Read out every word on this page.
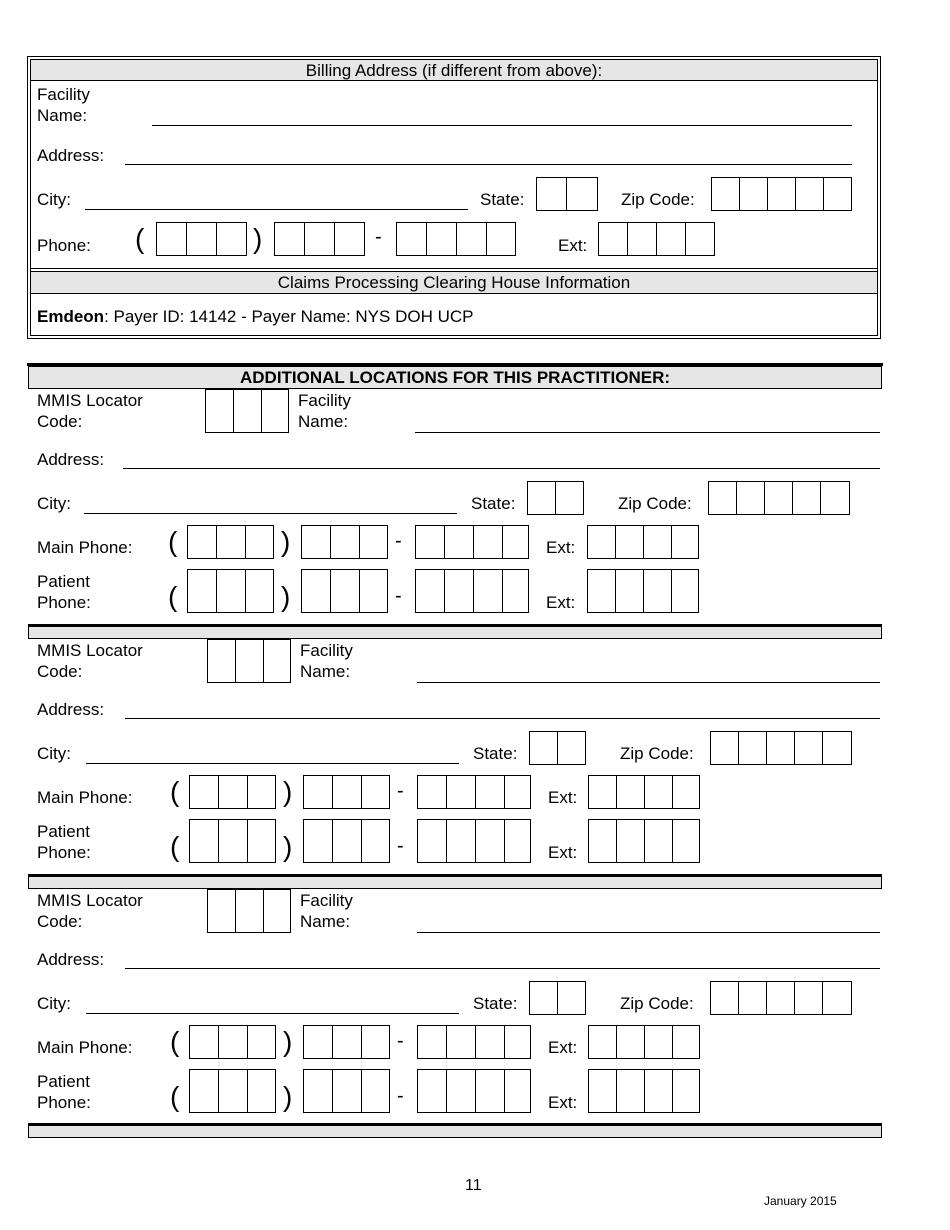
Billing Address (if different from above):
Facility
Name:
Address:
City:	State:	Zip Code:
Phone: (	)	-	Ext:
Claims Processing Clearing House Information
Emdeon: Payer ID: 14142 - Payer Name: NYS DOH UCP
ADDITIONAL LOCATIONS FOR THIS PRACTITIONER:
MMIS Locator
Code:
Facility
Name:
Address:
City:	State:	Zip Code:
Main Phone: (	)	-	Ext:
Patient
Phone:	(	)	-	Ext:
MMIS Locator
Code:
Facility
Name:
Address:
City:	State:	Zip Code:
Main Phone: (	)	-	Ext:
Patient
Phone:	(	)	-	Ext:
MMIS Locator
Code:
Facility
Name:
Address:
City:	State:	Zip Code:
Main Phone: (	)	-	Ext:
Patient
Phone:	(	)	-	Ext:
11
January 2015
